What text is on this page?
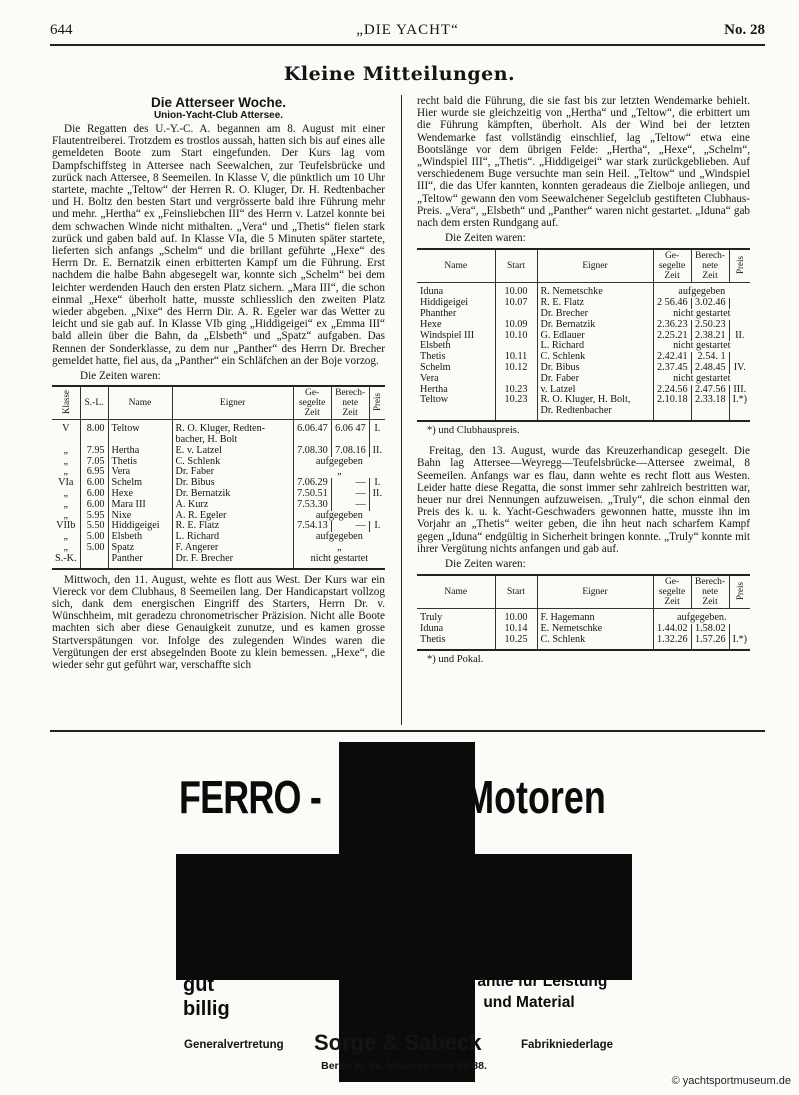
644	„DIE YACHT“	No. 28
Kleine Mitteilungen.
Die Atterseer Woche.
Union-Yacht-Club Attersee.

Die Regatten des U.-Y.-C. A. begannen am 8. August mit einer Flautentreiberei. Trotzdem es trostlos aussah, hatten sich bis auf eines alle gemeldeten Boote zum Start eingefunden. Der Kurs lag vom Dampfschiffsteg in Attersee nach Seewalchen, zur Teufelsbrücke und zurück nach Attersee, 8 Seemeilen. In Klasse V, die pünktlich um 10 Uhr startete, machte „Teltow“ der Herren R. O. Kluger, Dr. H. Redtenbacher und H. Boltz den besten Start und vergrösserte bald ihre Führung mehr und mehr. „Hertha“ ex „Feinsliebchen III“ des Herrn v. Latzel konnte bei dem schwachen Winde nicht mithalten. „Vera“ und „Thetis“ fielen stark zurück und gaben bald auf. In Klasse VIa, die 5 Minuten später startete, lieferten sich anfangs „Schelm“ und die brillant geführte „Hexe“ des Herrn Dr. E. Bernatzik einen erbitterten Kampf um die Führung. Erst nachdem die halbe Bahn abgesegelt war, konnte sich „Schelm“ bei dem leichter werdenden Hauch den ersten Platz sichern. „Mara III“, die schon einmal „Hexe“ überholt hatte, musste schliesslich den zweiten Platz wieder abgeben. „Nixe“ des Herrn Dir. A. R. Egeler war das Wetter zu leicht und sie gab auf. In Klasse VIb ging „Hiddigeigei“ ex „Emma III“ bald allein über die Bahn, da „Elsbeth“ und „Spatz“ aufgaben. Das Rennen der Sonderklasse, zu dem nur „Panther“ des Herrn Dr. Brecher gemeldet hatte, fiel aus, da „Panther“ ein Schläfchen an der Boje vorzog.

Die Zeiten waren:
Klasse	S.-L.	Name	Eigner	Ge-
segelte
Zeit	Berech-
nete
Zeit	Preis
V	8.00	Teltow	R. O. Kluger, Redten-
bacher, H. Bolt	6.06.47	6.06 47	I.
„	7.95	Hertha	E. v. Latzel	7.08.30	7.08.16	II.
„	7.05	Thetis	C. Schlenk	aufgegeben		
„	6.95	Vera	Dr. Faber	„		
VIa	6.00	Schelm	Dr. Bibus	7.06.29	—	I.
„	6.00	Hexe	Dr. Bernatzik	7.50.51	—	II.
„	6.00	Mara III	A. Kurz	7.53.30	—	
„	5.95	Nixe	A. R. Egeler	aufgegeben		
VIIb	5.50	Hiddigeigei	R. E. Flatz	7.54.13	—	I.
„	5.00	Elsbeth	L. Richard	aufgegeben		
„	5.00	Spatz	F. Angerer	„		
S.-K.		Panther	Dr. F. Brecher	nicht gestartet		

Mittwoch, den 11. August, wehte es flott aus West. Der Kurs war ein Viereck vor dem Clubhaus, 8 Seemeilen lang. Der Handicapstart vollzog sich, dank dem energischen Eingriff des Starters, Herrn Dr. v. Wünschheim, mit geradezu chronometrischer Präzision. Nicht alle Boote machten sich aber diese Genauigkeit zunutze, und es kamen grosse Startverspätungen vor. Infolge des zulegenden Windes waren die Vergütungen der erst absegelnden Boote zu klein bemessen. „Hexe“, die wieder sehr gut geführt war, verschaffte sich

recht bald die Führung, die sie fast bis zur letzten Wendemarke behielt. Hier wurde sie gleichzeitig von „Hertha“ und „Teltow“, die erbittert um die Führung kämpften, überholt. Als der Wind bei der letzten Wendemarke fast vollständig einschlief, lag „Teltow“ etwa eine Bootslänge vor dem übrigen Felde: „Hertha“, „Hexe“, „Schelm“, „Windspiel III“, „Thetis“. „Hiddigeigei“ war stark zurückgeblieben. Auf verschiedenem Buge versuchte man sein Heil. „Teltow“ und „Windspiel III“, die das Ufer kannten, konnten geradeaus die Zielboje anliegen, und „Teltow“ gewann den vom Seewalchener Segelclub gestifteten Clubhaus-Preis. „Vera“, „Elsbeth“ und „Panther“ waren nicht gestartet. „Iduna“ gab nach dem ersten Rundgang auf.

Die Zeiten waren:
Name	Start	Eigner	Ge-
segelte
Zeit	Berech-
nete
Zeit	Preis
Iduna	10.00	R. Nemetschke	aufgegeben		
Hiddigeigei	10.07	R. E. Flatz	2 56.46	3.02.46	
Phanther		Dr. Brecher	nicht gestartet		
Hexe	10.09	Dr. Bernatzik	2.36.23	2.50.23	
Windspiel III	10.10	G. Edlauer	2.25.21	2.38.21	II.
Elsbeth		L. Richard	nicht gestartet		
Thetis	10.11	C. Schlenk	2.42.41	2.54. 1	
Schelm	10.12	Dr. Bibus	2.37.45	2.48.45	IV.
Vera		Dr. Faber	nicht gestartet		
Hertha	10.23	v. Latzel	2.24.56	2.47.56	III.
Teltow	10.23	R. O. Kluger, H. Bolt,
Dr. Redtenbacher	2.10.18	2.33.18	I.*)
*) und Clubhauspreis.

Freitag, den 13. August, wurde das Kreuzerhandicap gesegelt. Die Bahn lag Attersee—Weyregg—Teufelsbrücke—Attersee zweimal, 8 Seemeilen. Anfangs war es flau, dann wehte es recht flott aus Westen. Leider hatte diese Regatta, die sonst immer sehr zahlreich bestritten war, heuer nur drei Nennungen aufzuweisen. „Truly“, die schon einmal den Preis des k. u. k. Yacht-Geschwaders gewonnen hatte, musste ihn im Vorjahr an „Thetis“ weiter geben, die ihn heut nach scharfem Kampf gegen „Iduna“ endgültig in Sicherheit bringen konnte. „Truly“ konnte mit ihrer Vergütung nichts anfangen und gab auf.

Die Zeiten waren:
Name	Start	Eigner	Ge-
segelte
Zeit	Berech-
nete
Zeit	Preis
Truly	10.00	F. Hagemann	aufgegeben.		
Iduna	10.14	E. Nemetschke	1.44.02	1.58.02	
Thetis	10.25	C. Schlenk	1.32.26	1.57.26	I.*)
*) und Pokal.
FERRO - $2^{Tact-}Motoren$
einfach
gut
billig
Verlangen Sie Kataloge
Garantie für Leistung
und Material
Generalvertretung Sorge & Sabeck	Fabrikniederlage
Berlin W. 66, Mauerstrasse 86-88.
© yachtsportmuseum.de
